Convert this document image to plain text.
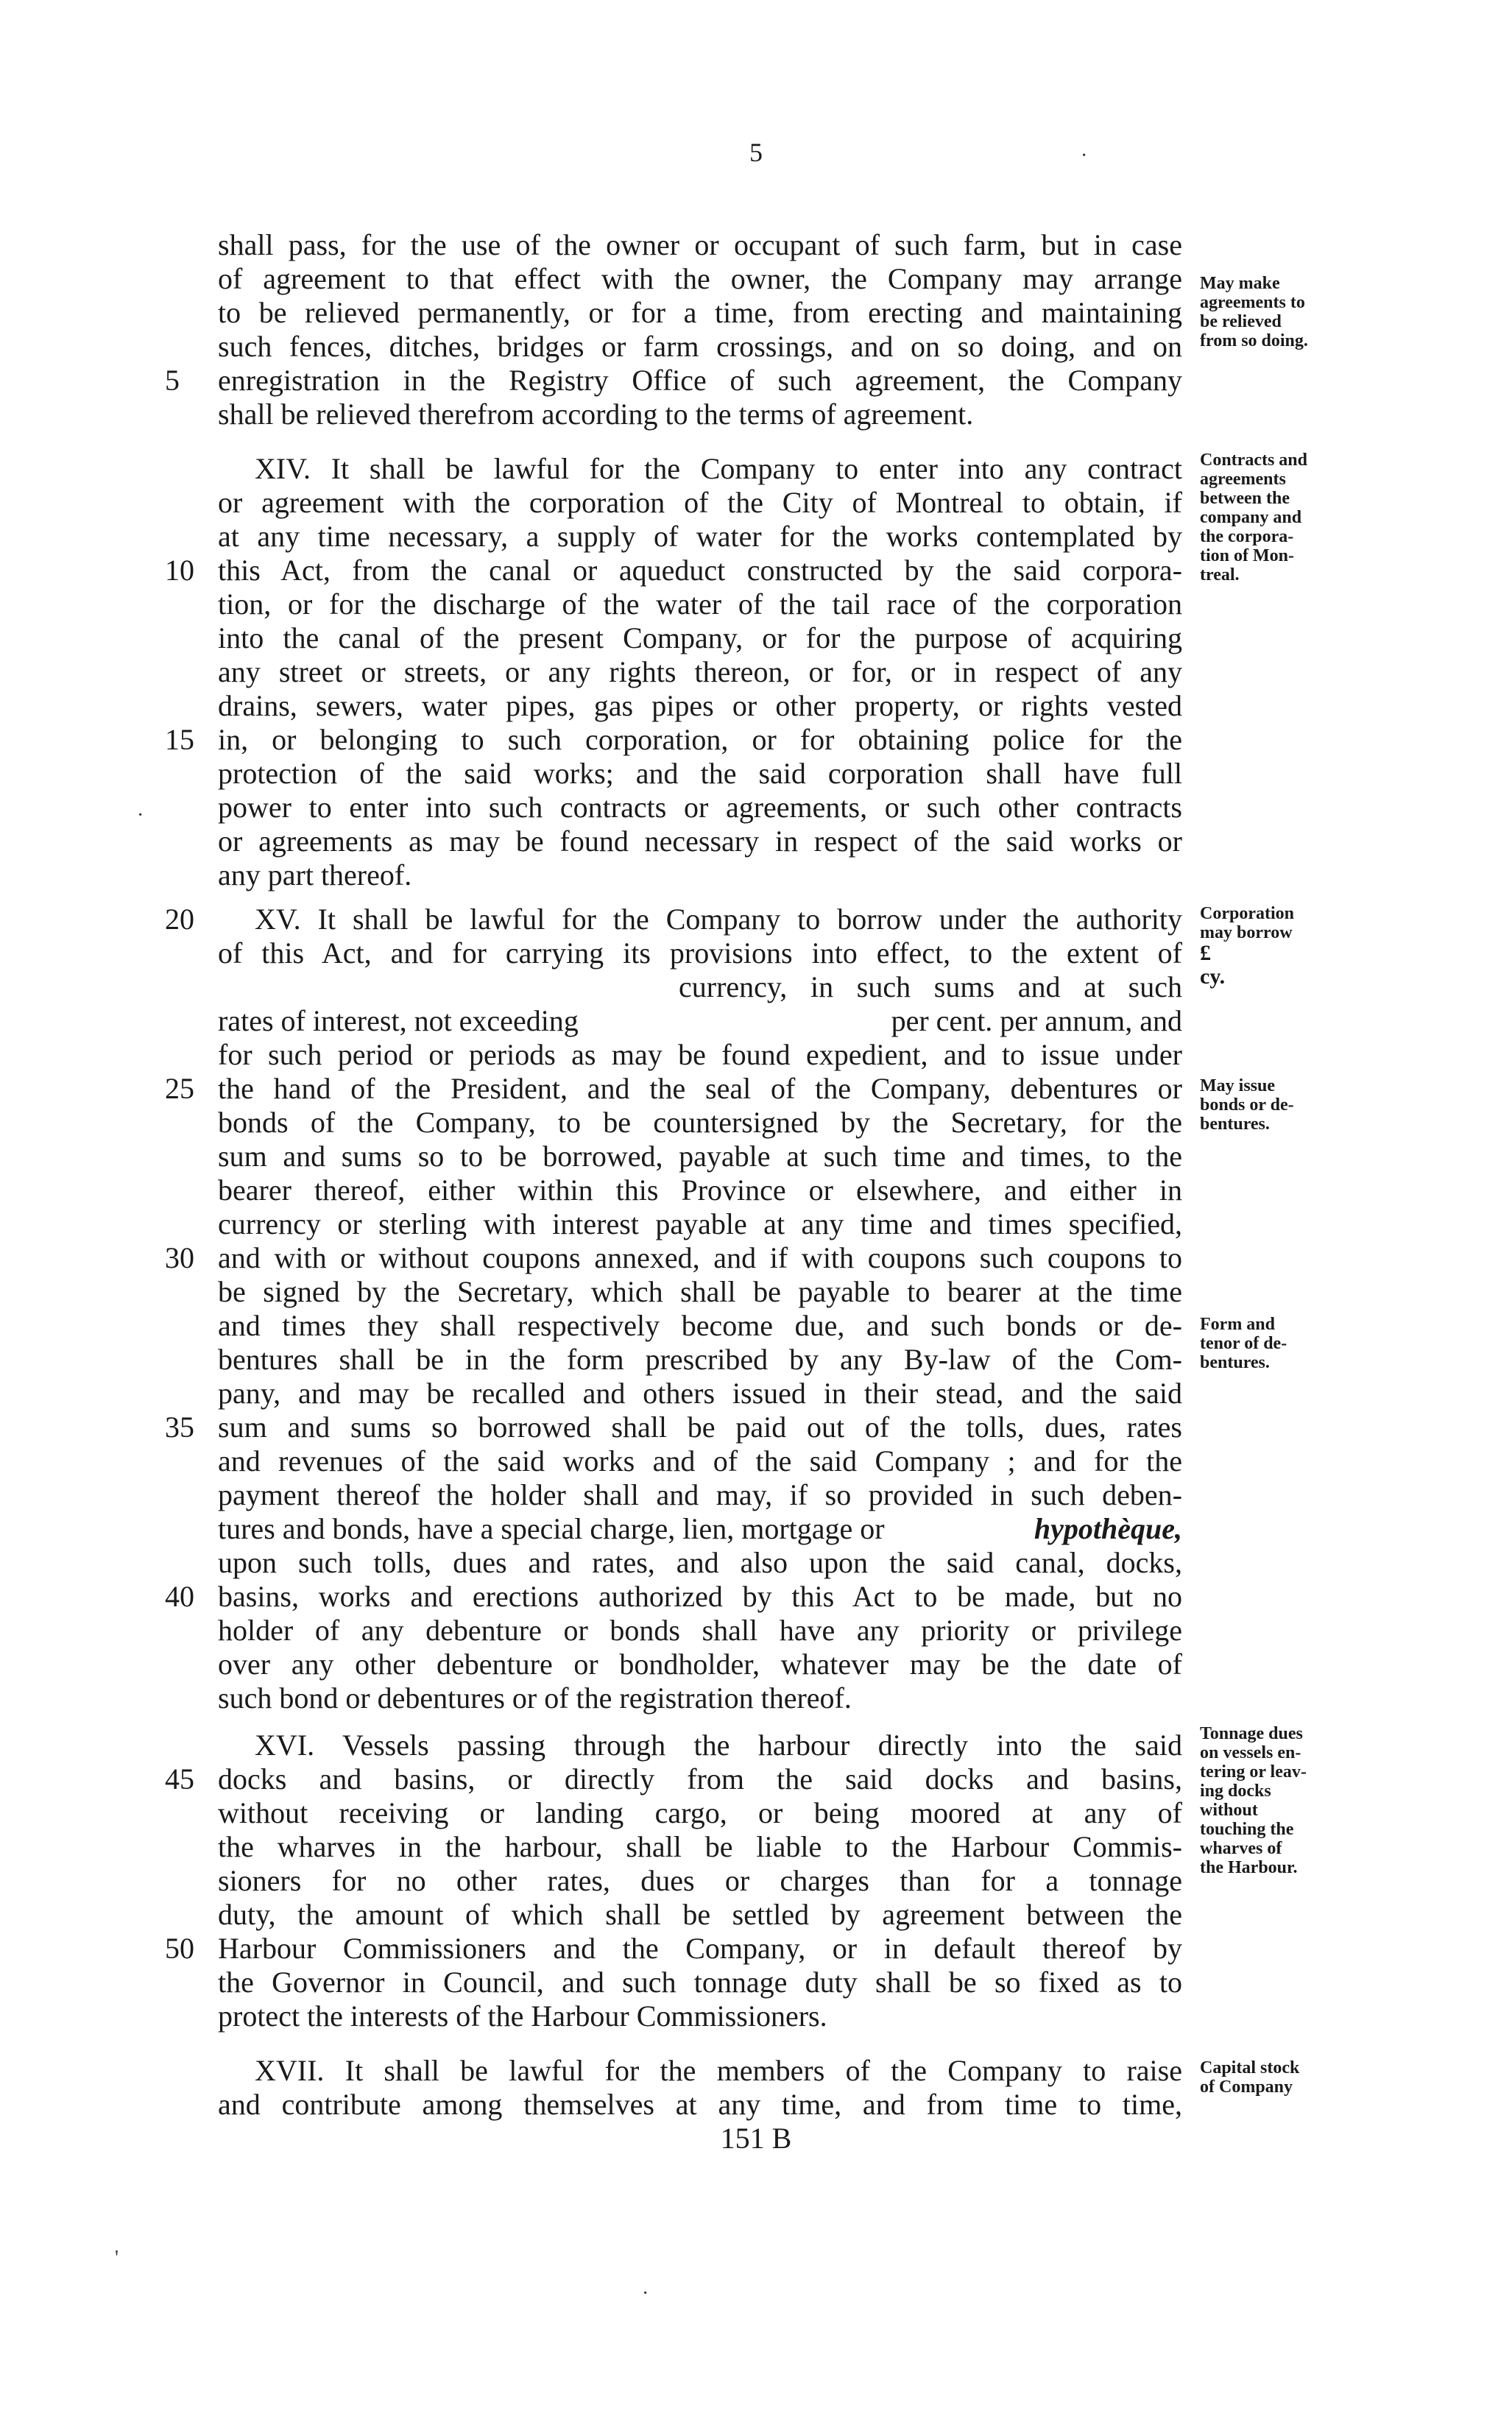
5	·
shall pass, for the use of the owner or occupant of such farm, but in case
of agreement to that effect with the owner, the Company may arrange
to be relieved permanently, or for a time, from erecting and maintaining
such fences, ditches, bridges or farm crossings, and on so doing, and on
5	enregistration in the Registry Office of such agreement, the Company
shall be relieved therefrom according to the terms of agreement.
May make
agreements to
be relieved
from so doing.
XIV. It shall be lawful for the Company to enter into any contract
or agreement with the corporation of the City of Montreal to obtain, if
at any time necessary, a supply of water for the works contemplated by
10 this Act, from the canal or aqueduct constructed by the said corpora-
tion, or for the discharge of the water of the tail race of the corporation
into the canal of the present Company, or for the purpose of acquiring
any street or streets, or any rights thereon, or for, or in respect of any
drains, sewers, water pipes, gas pipes or other property, or rights vested
15 in, or belonging to such corporation, or for obtaining police for the
protection of the said works; and the said corporation shall have full
power to enter into such contracts or agreements, or such other contracts
or agreements as may be found necessary in respect of the said works or
any part thereof.
Contracts and
agreements
between the
company and
the corpora-
tion of Mon-
treal.
·
20	XV. It shall be lawful for the Company to borrow under the authority
of this Act, and for carrying its provisions into effect, to the extent of
currency, in such sums and at such
rates of interest, not exceeding	per cent. per annum, and
for such period or periods as may be found expedient, and to issue under
25 the hand of the President, and the seal of the Company, debentures or
bonds of the Company, to be countersigned by the Secretary, for the
sum and sums so to be borrowed, payable at such time and times, to the
bearer thereof, either within this Province or elsewhere, and either in
currency or sterling with interest payable at any time and times specified,
30 and with or without coupons annexed, and if with coupons such coupons to
be signed by the Secretary, which shall be payable to bearer at the time
and times they shall respectively become due, and such bonds or de-
bentures shall be in the form prescribed by any By-law of the Com-
pany, and may be recalled and others issued in their stead, and the said
35 sum and sums so borrowed shall be paid out of the tolls, dues, rates
and revenues of the said works and of the said Company ; and for the
payment thereof the holder shall and may, if so provided in such deben-
tures and bonds, have a special charge, lien, mortgage or	hypothèque,
upon such tolls, dues and rates, and also upon the said canal, docks,
40 basins, works and erections authorized by this Act to be made, but no
holder of any debenture or bonds shall have any priority or privilege
over any other debenture or bondholder, whatever may be the date of
such bond or debentures or of the registration thereof.
Corporation
may borrow
£
cy.
May issue
bonds or de-
bentures.
Form and
tenor of de-
bentures.
XVI. Vessels passing through the harbour directly into the said
45 docks and basins, or directly from the said docks and basins,
without receiving or landing cargo, or being moored at any of
the wharves in the harbour, shall be liable to the Harbour Commis-
sioners for no other rates, dues or charges than for a tonnage
duty, the amount of which shall be settled by agreement between the
50 Harbour Commissioners and the Company, or in default thereof by
the Governor in Council, and such tonnage duty shall be so fixed as to
protect the interests of the Harbour Commissioners.
Tonnage dues
on vessels en-
tering or leav-
ing docks
without
touching the
wharves of
the Harbour.
XVII. It shall be lawful for the members of the Company to raise
and contribute among themselves at any time, and from time to time,
Capital stock
of Company
151 B
'
·
